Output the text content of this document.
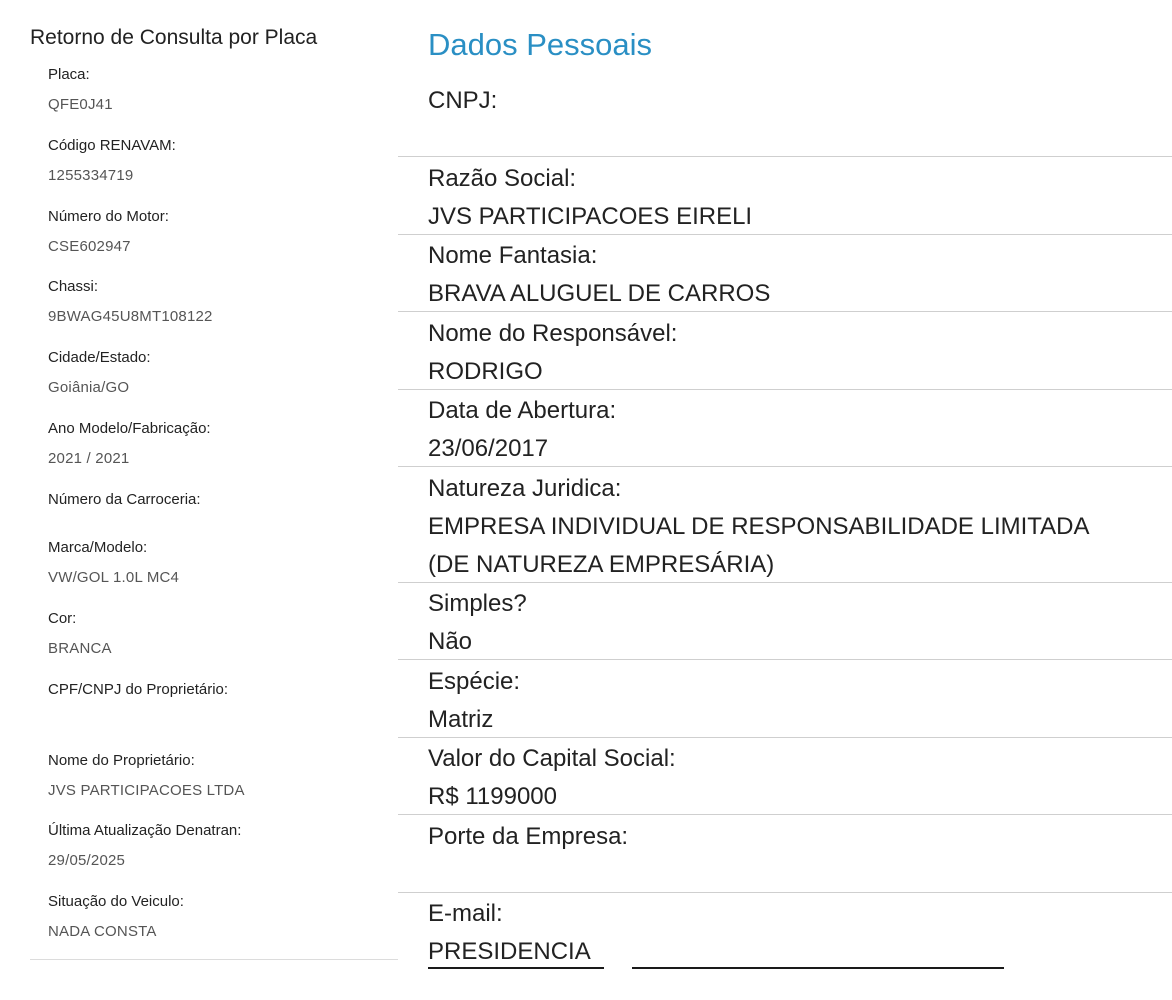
Retorno de Consulta por Placa
Placa:
QFE0J41
Código RENAVAM:
1255334719
Número do Motor:
CSE602947
Chassi:
9BWAG45U8MT108122
Cidade/Estado:
Goiânia/GO
Ano Modelo/Fabricação:
2021 / 2021
Número da Carroceria:
Marca/Modelo:
VW/GOL 1.0L MC4
Cor:
BRANCA
CPF/CNPJ do Proprietário:
Nome do Proprietário:
JVS PARTICIPACOES LTDA
Última Atualização Denatran:
29/05/2025
Situação do Veiculo:
NADA CONSTA
Dados Pessoais
CNPJ:
Razão Social:
JVS PARTICIPACOES EIRELI
Nome Fantasia:
BRAVA ALUGUEL DE CARROS
Nome do Responsável:
RODRIGO
Data de Abertura:
23/06/2017
Natureza Juridica:
EMPRESA INDIVIDUAL DE RESPONSABILIDADE LIMITADA
(DE NATUREZA EMPRESÁRIA)
Simples?
Não
Espécie:
Matriz
Valor do Capital Social:
R$ 1199000
Porte da Empresa:
E-mail:
PRESIDENCIA
